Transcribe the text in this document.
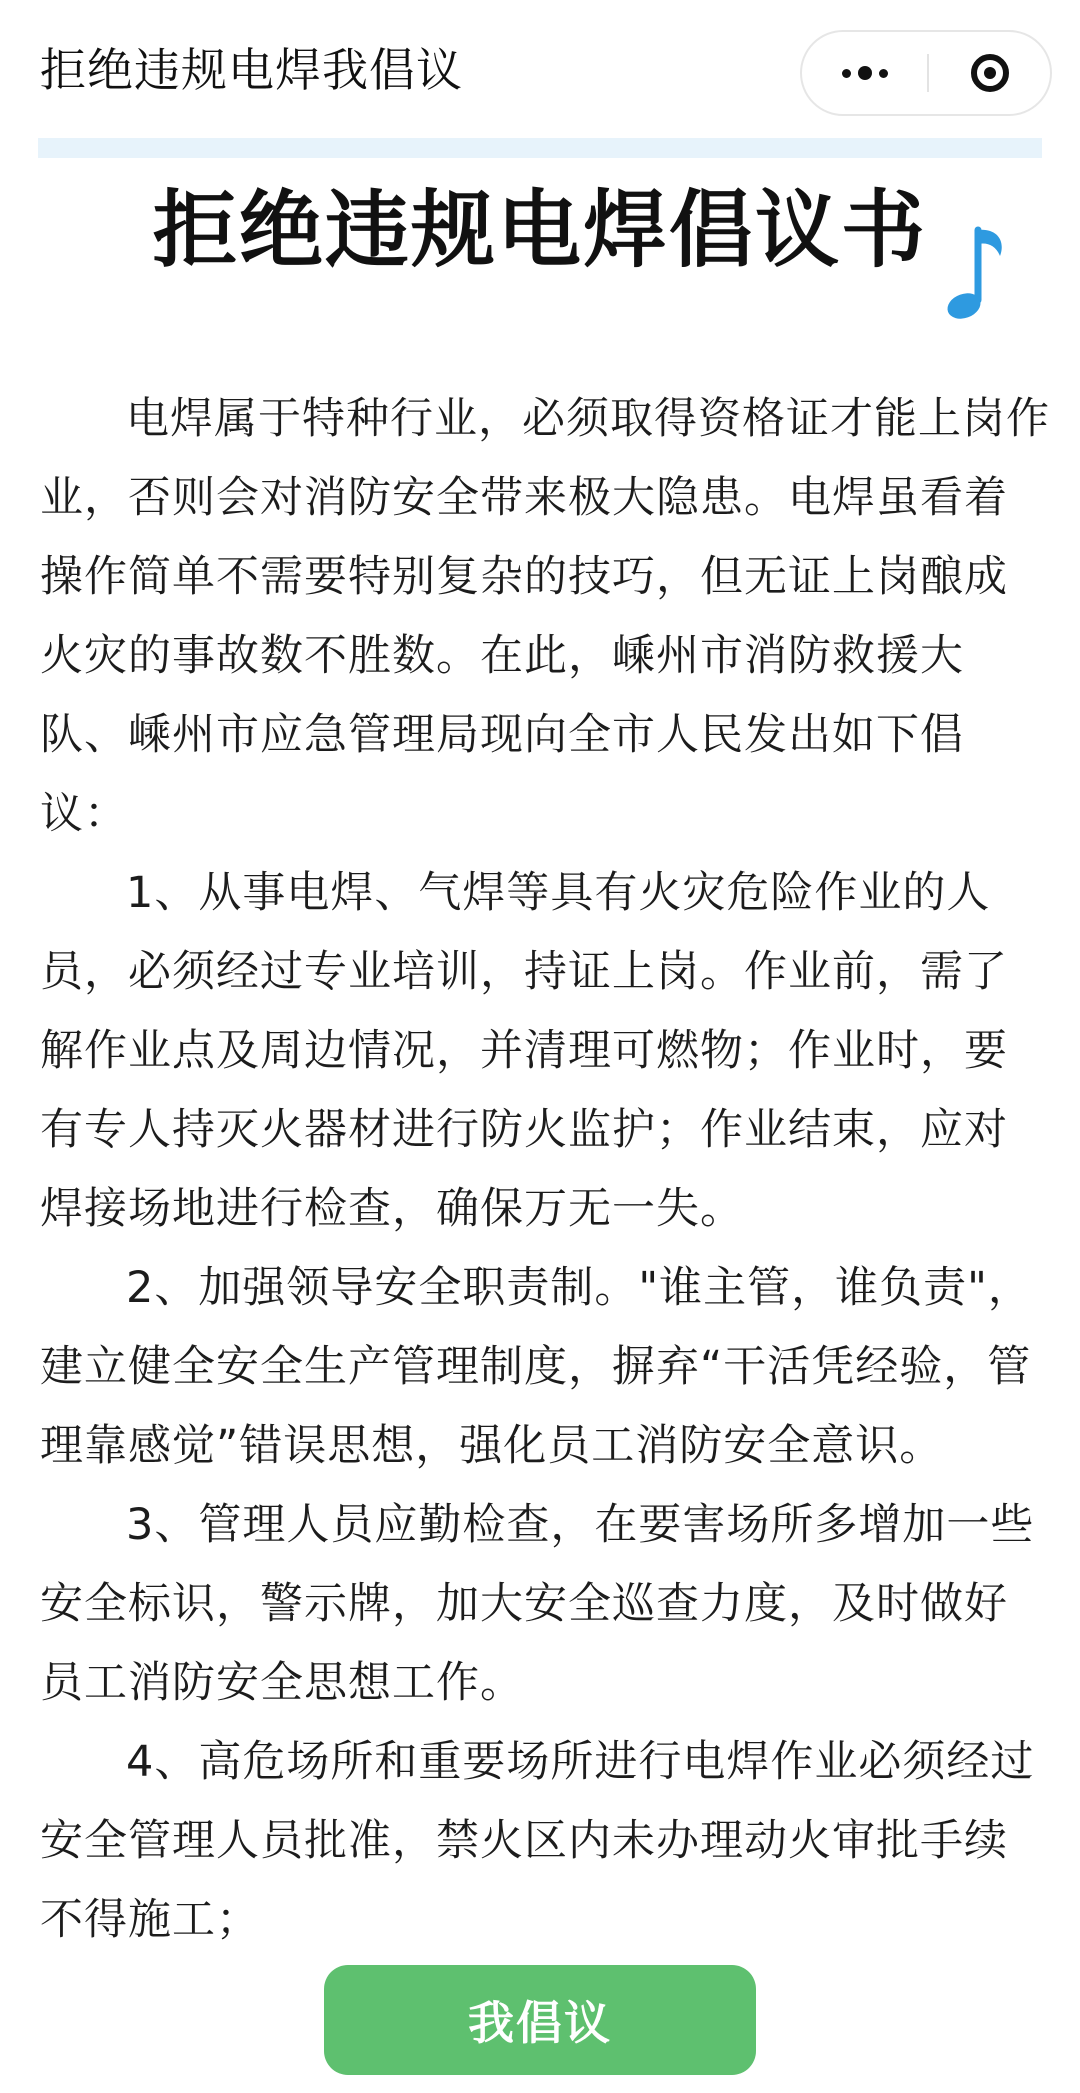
拒绝违规电焊我倡议
拒绝违规电焊倡议书

电焊属于特种行业，必须取得资格证才能上岗作业，否则会对消防安全带来极大隐患。电焊虽看着操作简单不需要特别复杂的技巧，但无证上岗酿成火灾的事故数不胜数。在此，嵊州市消防救援大队、嵊州市应急管理局现向全市人民发出如下倡议：

1、从事电焊、气焊等具有火灾危险作业的人员，必须经过专业培训，持证上岗。作业前，需了解作业点及周边情况，并清理可燃物；作业时，要有专人持灭火器材进行防火监护；作业结束，应对焊接场地进行检查，确保万无一失。

2、加强领导安全职责制。"谁主管，谁负责"，建立健全安全生产管理制度，摒弃“干活凭经验，管理靠感觉”错误思想，强化员工消防安全意识。

3、管理人员应勤检查，在要害场所多增加一些安全标识，警示牌，加大安全巡查力度，及时做好员工消防安全思想工作。

4、高危场所和重要场所进行电焊作业必须经过安全管理人员批准，禁火区内未办理动火审批手续不得施工；

我倡议
